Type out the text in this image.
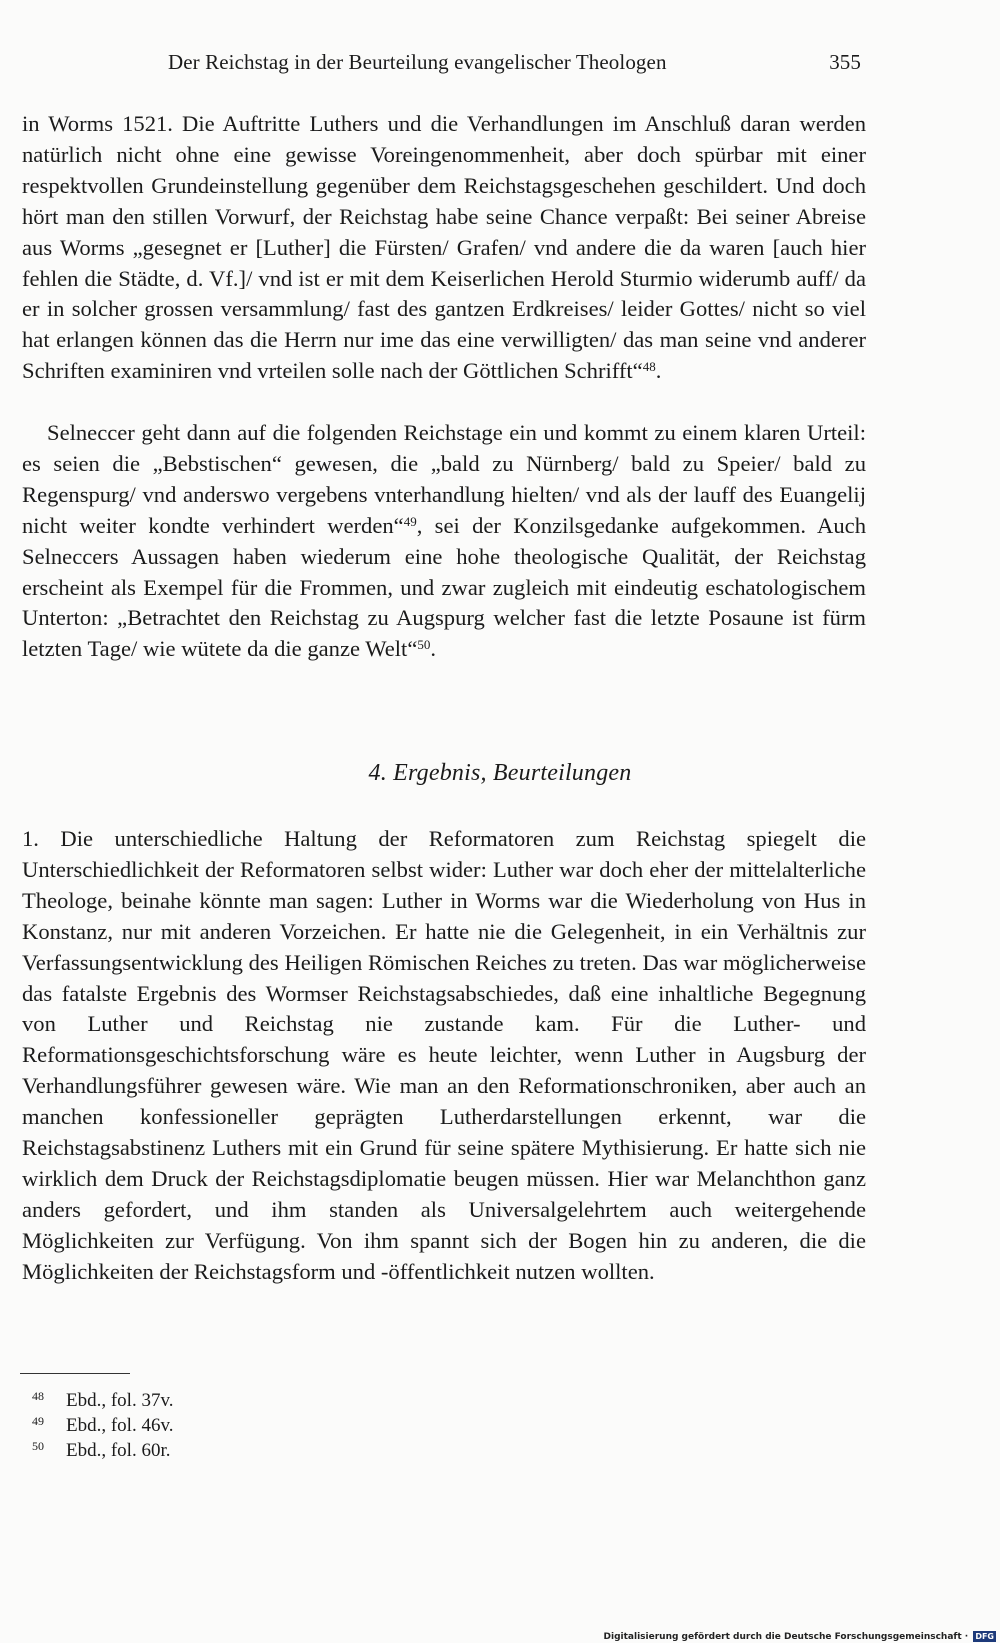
Der Reichstag in der Beurteilung evangelischer Theologen	355

in Worms 1521. Die Auftritte Luthers und die Verhandlungen im Anschluß daran werden natürlich nicht ohne eine gewisse Voreingenommenheit, aber doch spürbar mit einer respektvollen Grundeinstellung gegenüber dem Reichstagsgeschehen geschildert. Und doch hört man den stillen Vorwurf, der Reichstag habe seine Chance verpaßt: Bei seiner Abreise aus Worms „gesegnet er [Luther] die Fürsten/ Grafen/ vnd andere die da waren [auch hier fehlen die Städte, d. Vf.]/ vnd ist er mit dem Keiserlichen Herold Sturmio widerumb auff/ da er in solcher grossen versammlung/ fast des gantzen Erdkreises/ leider Gottes/ nicht so viel hat erlangen können das die Herrn nur ime das eine verwilligten/ das man seine vnd anderer Schriften examiniren vnd vrteilen solle nach der Göttlichen Schrifft“$^{48}$.

Selneccer geht dann auf die folgenden Reichstage ein und kommt zu einem klaren Urteil: es seien die „Bebstischen“ gewesen, die „bald zu Nürnberg/ bald zu Speier/ bald zu Regenspurg/ vnd anderswo vergebens vnterhandlung hielten/ vnd als der lauff des Euangelij nicht weiter kondte verhindert werden“$^{49}$, sei der Konzilsgedanke aufgekommen. Auch Selneccers Aussagen haben wiederum eine hohe theologische Qualität, der Reichstag erscheint als Exempel für die Frommen, und zwar zugleich mit eindeutig eschatologischem Unterton: „Betrachtet den Reichstag zu Augspurg welcher fast die letzte Posaune ist fürm letzten Tage/ wie wütete da die ganze Welt“$^{50}$.

4. Ergebnis, Beurteilungen

1. Die unterschiedliche Haltung der Reformatoren zum Reichstag spiegelt die Unterschiedlichkeit der Reformatoren selbst wider: Luther war doch eher der mittelalterliche Theologe, beinahe könnte man sagen: Luther in Worms war die Wiederholung von Hus in Konstanz, nur mit anderen Vorzeichen. Er hatte nie die Gelegenheit, in ein Verhältnis zur Verfassungsentwicklung des Heiligen Römischen Reiches zu treten. Das war möglicherweise das fatalste Ergebnis des Wormser Reichstagsabschiedes, daß eine inhaltliche Begegnung von Luther und Reichstag nie zustande kam. Für die Luther- und Reformationsgeschichtsforschung wäre es heute leichter, wenn Luther in Augsburg der Verhandlungsführer gewesen wäre. Wie man an den Reformationschroniken, aber auch an manchen konfessioneller geprägten Lutherdarstellungen erkennt, war die Reichstagsabstinenz Luthers mit ein Grund für seine spätere Mythisierung. Er hatte sich nie wirklich dem Druck der Reichstagsdiplomatie beugen müssen. Hier war Melanchthon ganz anders gefordert, und ihm standen als Universalgelehrtem auch weitergehende Möglichkeiten zur Verfügung. Von ihm spannt sich der Bogen hin zu anderen, die die Möglichkeiten der Reichstagsform und -öffentlichkeit nutzen wollten.

48 Ebd., fol. 37v.
49 Ebd., fol. 46v.
50 Ebd., fol. 60r.
Digitalisierung gefördert durch die Deutsche Forschungsgemeinschaft · DFG
